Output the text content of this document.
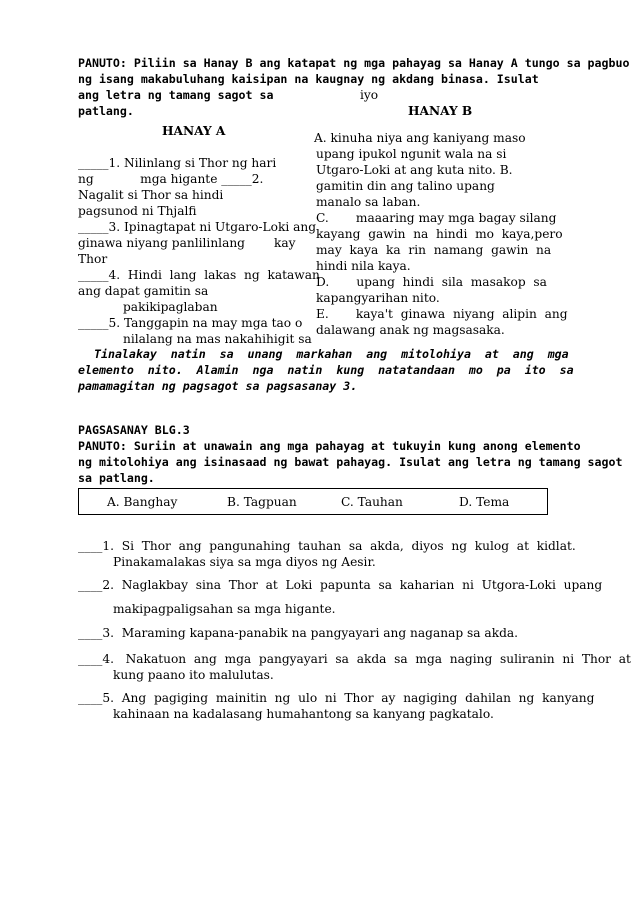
PANUTO: Piliin sa Hanay B ang katapat ng mga pahayag sa Hanay A tungo sa pagbuo

ng isang makabuluhang kaisipan na kaugnay ng akdang binasa. Isulat

ang letra ng tamang sagot sa	iyo

patlang.

HANAY A

_____1. Nilinlang si Thor ng hari

ng            mga higante _____2.

Nagalit si Thor sa hindi

pagsunod ni Thjalfi

_____3. Ipinagtapat ni Utgaro-Loki ang

ginawa niyang panlilinlang kay

Thor

_____4.  Hindi  lang  lakas  ng  katawan

ang dapat gamitin sa

pakikipaglaban

_____5. Tanggapin na may mga tao o

nilalang na mas nakahihigit sa

HANAY B

A. kinuha niya ang kaniyang maso

upang ipukol ngunit wala na si

Utgaro-Loki at ang kuta nito. B.

gamitin din ang talino upang

manalo sa laban.

C.       maaaring may mga bagay silang

kayang  gawin  na  hindi  mo  kaya,pero

may  kaya  ka  rin  namang  gawin  na

hindi nila kaya.

D.       upang  hindi  sila  masakop  sa

kapangyarihan nito.

E.       kaya't  ginawa  niyang  alipin  ang

dalawang anak ng magsasaka.

Tinalakay  natin  sa  unang  markahan  ang  mitolohiya  at  ang  mga

elemento  nito.  Alamin  nga  natin  kung  natatandaan  mo  pa  ito  sa

pamamagitan ng pagsagot sa pagsasanay 3.

PAGSASANAY BLG.3

PANUTO: Suriin at unawain ang mga pahayag at tukuyin kung anong elemento

ng mitolohiya ang isinasaad ng bawat pahayag. Isulat ang letra ng tamang sagot

sa patlang.

A. Banghay	B. Tagpuan	C. Tauhan	D. Tema

____1.  Si  Thor  ang  pangunahing  tauhan  sa  akda,  diyos  ng  kulog  at  kidlat.

Pinakamalakas siya sa mga diyos ng Aesir.

____2.  Naglakbay  sina  Thor  at  Loki  papunta  sa  kaharian  ni  Utgora-Loki  upang

makipagpaligsahan sa mga higante.

____3.  Maraming kapana-panabik na pangyayari ang naganap sa akda.

____4.   Nakatuon  ang  mga  pangyayari  sa  akda  sa  mga  naging  suliranin  ni  Thor  at

kung paano ito malulutas.

____5.  Ang  pagiging  mainitin  ng  ulo  ni  Thor  ay  nagiging  dahilan  ng  kanyang

kahinaan na kadalasang humahantong sa kanyang pagkatalo.
